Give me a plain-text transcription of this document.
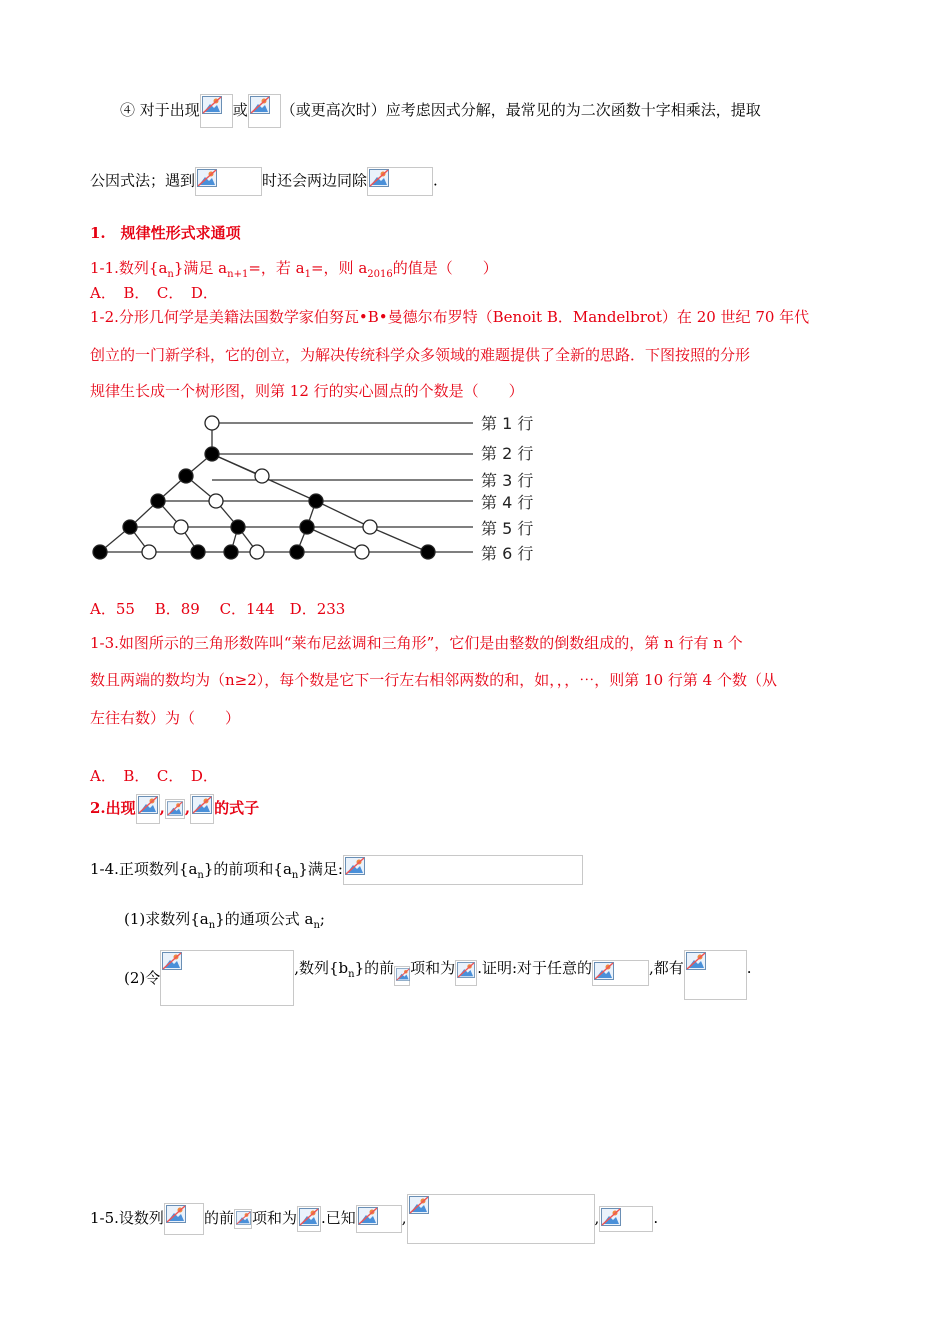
④ 对于出现 或 （或更高次时）应考虑因式分解，最常见的为二次函数十字相乘法，提取
公因式法；遇到	时还会两边同除	.
1.　规律性形式求通项
1-1.数列$\{a_n\}$满足 $a_{n+1}=$，若 $a_1=$，则 $a_{2016}$的值是（　　）
A．　B．　C．　D．
1-2.分形几何学是美籍法国数学家伯努瓦•B•曼德尔布罗特（Benoit B．Mandelbrot）在 20 世纪 70 年代
创立的一门新学科，它的创立，为解决传统科学众多领域的难题提供了全新的思路．下图按照的分形
规律生长成一个树形图，则第 12 行的实心圆点的个数是（　　）
第 1 行
第 2 行
第 3 行
第 4 行
第 5 行
第 6 行
A．55　 B．89　 C．144　D．233
1-3.如图所示的三角形数阵叫“莱布尼兹调和三角形”，它们是由整数的倒数组成的，第 n 行有 n 个
数且两端的数均为（n≥2），每个数是它下一行左右相邻两数的和，如，，，⋯，则第 10 行第 4 个数（从
左往右数）为（　　）
A．　B．　C．　D．
2.出现 , , 的式子
1-4.正项数列$\{a_n\}$的前项和$\{a_n\}$满足:
(1)求数列$\{a_n\}$的通项公式 $a_n$;
(2)令
,数列$\{b_n\}$的前 项和为 .证明:对于任意的	,都有	.
1-5.设数列	的前 项和为 .已知	,	,	.
